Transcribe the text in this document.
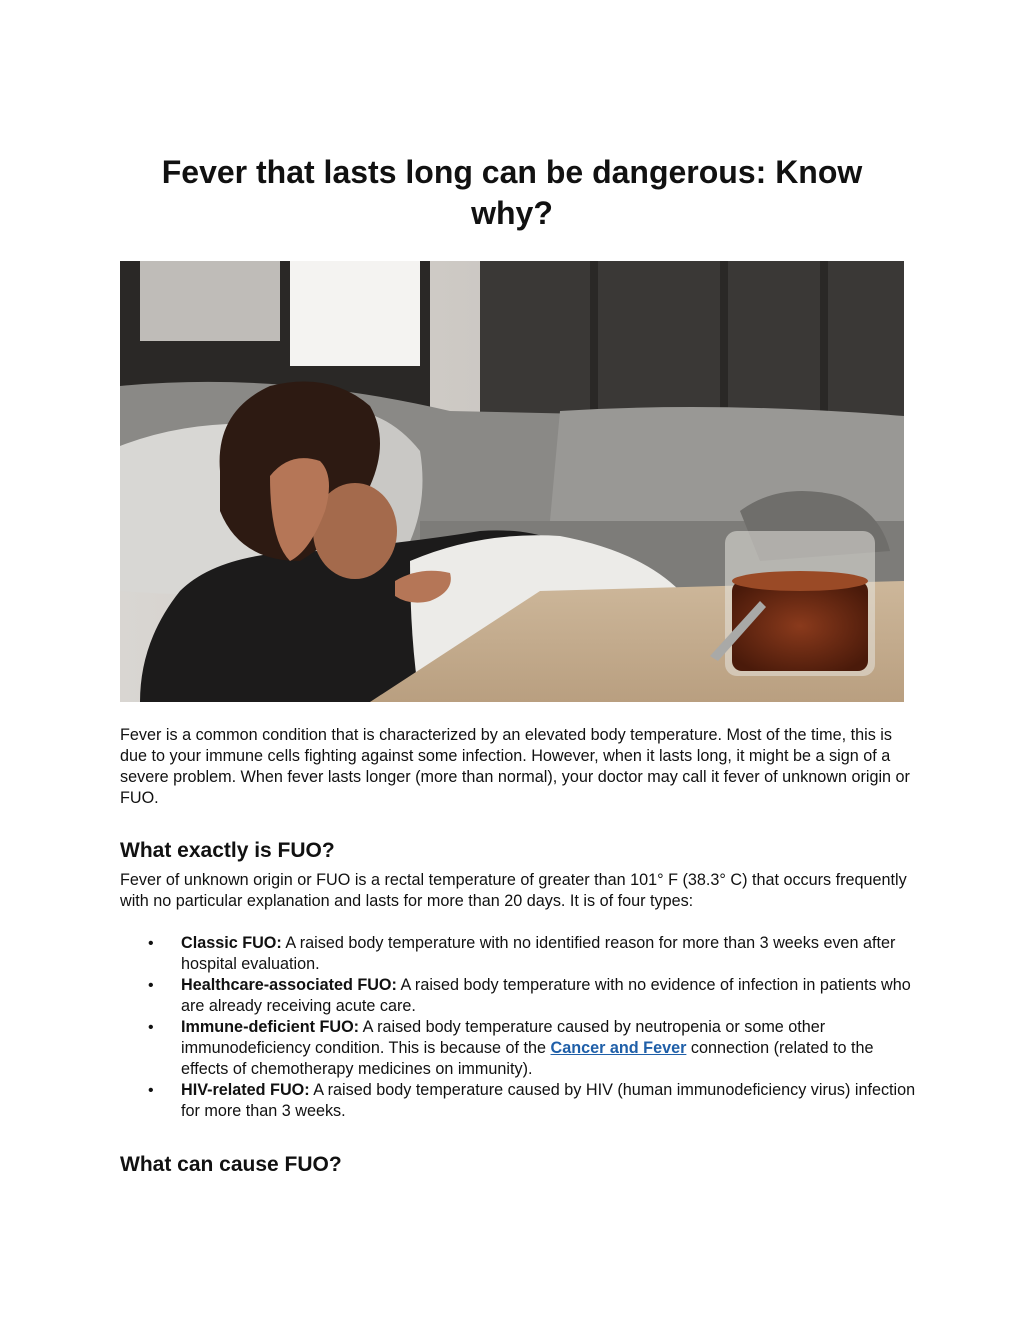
Fever that lasts long can be dangerous: Know why?

Fever is a common condition that is characterized by an elevated body temperature. Most of the time, this is due to your immune cells fighting against some infection. However, when it lasts long, it might be a sign of a severe problem. When fever lasts longer (more than normal), your doctor may call it fever of unknown origin or FUO.

What exactly is FUO?

Fever of unknown origin or FUO is a rectal temperature of greater than 101° F (38.3° C) that occurs frequently with no particular explanation and lasts for more than 20 days. It is of four types:

• Classic FUO: A raised body temperature with no identified reason for more than 3 weeks even after hospital evaluation.
• Healthcare-associated FUO: A raised body temperature with no evidence of infection in patients who are already receiving acute care.
• Immune-deficient FUO: A raised body temperature caused by neutropenia or some other immunodeficiency condition. This is because of the Cancer and Fever connection (related to the effects of chemotherapy medicines on immunity).
• HIV-related FUO: A raised body temperature caused by HIV (human immunodeficiency virus) infection for more than 3 weeks.
What can cause FUO?
